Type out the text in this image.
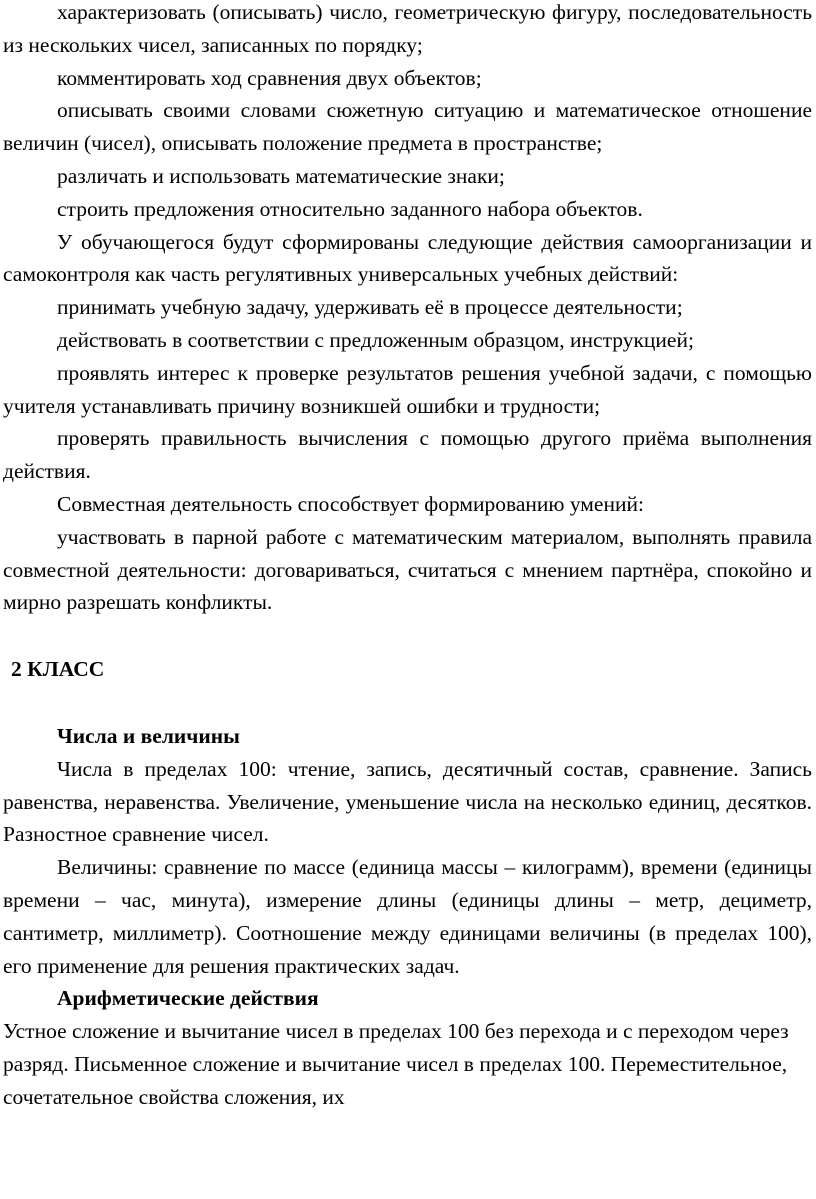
характеризовать (описывать) число, геометрическую фигуру, последовательность из нескольких чисел, записанных по порядку;

комментировать ход сравнения двух объектов;

описывать своими словами сюжетную ситуацию и математическое отношение величин (чисел), описывать положение предмета в пространстве;

различать и использовать математические знаки;

строить предложения относительно заданного набора объектов.

У обучающегося будут сформированы следующие действия самоорганизации и самоконтроля как часть регулятивных универсальных учебных действий:

принимать учебную задачу, удерживать её в процессе деятельности;

действовать в соответствии с предложенным образцом, инструкцией;

проявлять интерес к проверке результатов решения учебной задачи, с помощью учителя устанавливать причину возникшей ошибки и трудности;

проверять правильность вычисления с помощью другого приёма выполнения действия.

Совместная деятельность способствует формированию умений:

участвовать в парной работе с математическим материалом, выполнять правила совместной деятельности: договариваться, считаться с мнением партнёра, спокойно и мирно разрешать конфликты.

2 КЛАСС

Числа и величины

Числа в пределах 100: чтение, запись, десятичный состав, сравнение. Запись равенства, неравенства. Увеличение, уменьшение числа на несколько единиц, десятков. Разностное сравнение чисел.

Величины: сравнение по массе (единица массы – килограмм), времени (единицы времени – час, минута), измерение длины (единицы длины – метр, дециметр, сантиметр, миллиметр). Соотношение между единицами величины (в пределах 100), его применение для решения практических задач.

Арифметические действия

Устное сложение и вычитание чисел в пределах 100 без перехода и с переходом через разряд. Письменное сложение и вычитание чисел в пределах 100. Переместительное, сочетательное свойства сложения, их
